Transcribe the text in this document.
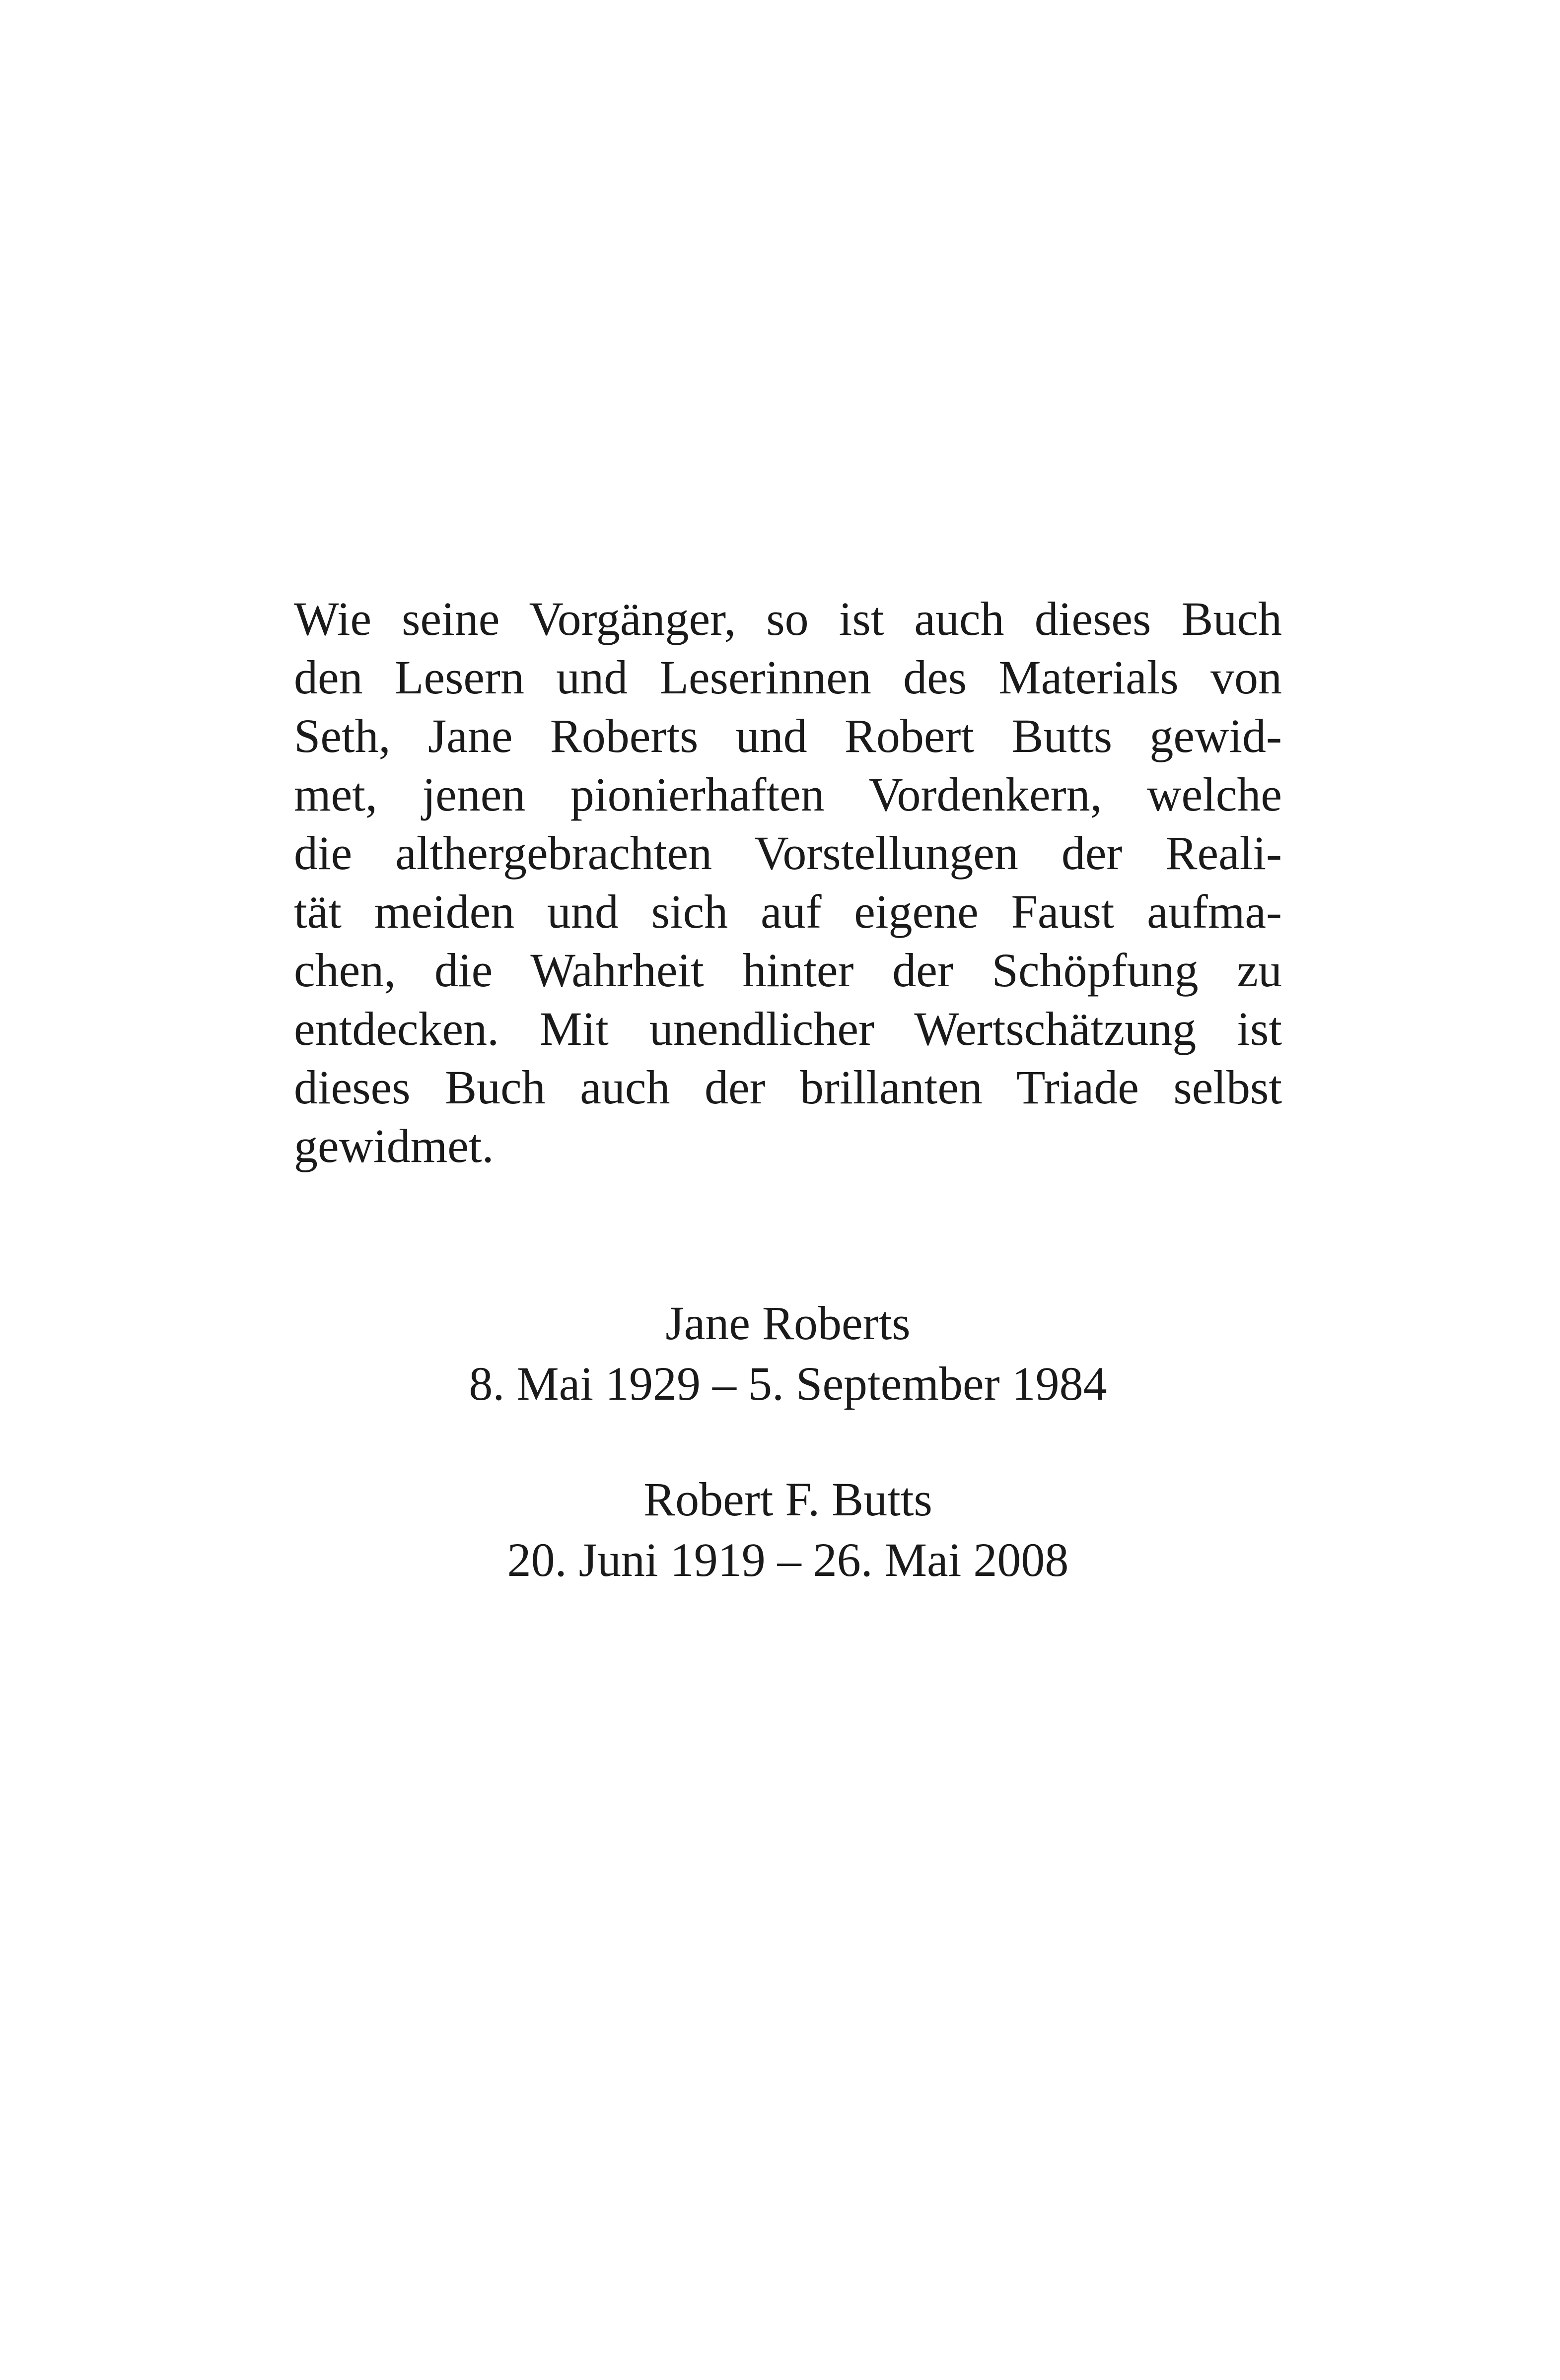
Wie seine Vorgänger, so ist auch dieses Buch
den Lesern und Leserinnen des Materials von
Seth, Jane Roberts und Robert Butts gewid-
met, jenen pionierhaften Vordenkern, welche
die althergebrachten Vorstellungen der Reali-
tät meiden und sich auf eigene Faust aufma-
chen, die Wahrheit hinter der Schöpfung zu
entdecken. Mit unendlicher Wertschätzung ist
dieses Buch auch der brillanten Triade selbst
gewidmet.
Jane Roberts
8. Mai 1929 – 5. September 1984
Robert F. Butts
20. Juni 1919 – 26. Mai 2008
